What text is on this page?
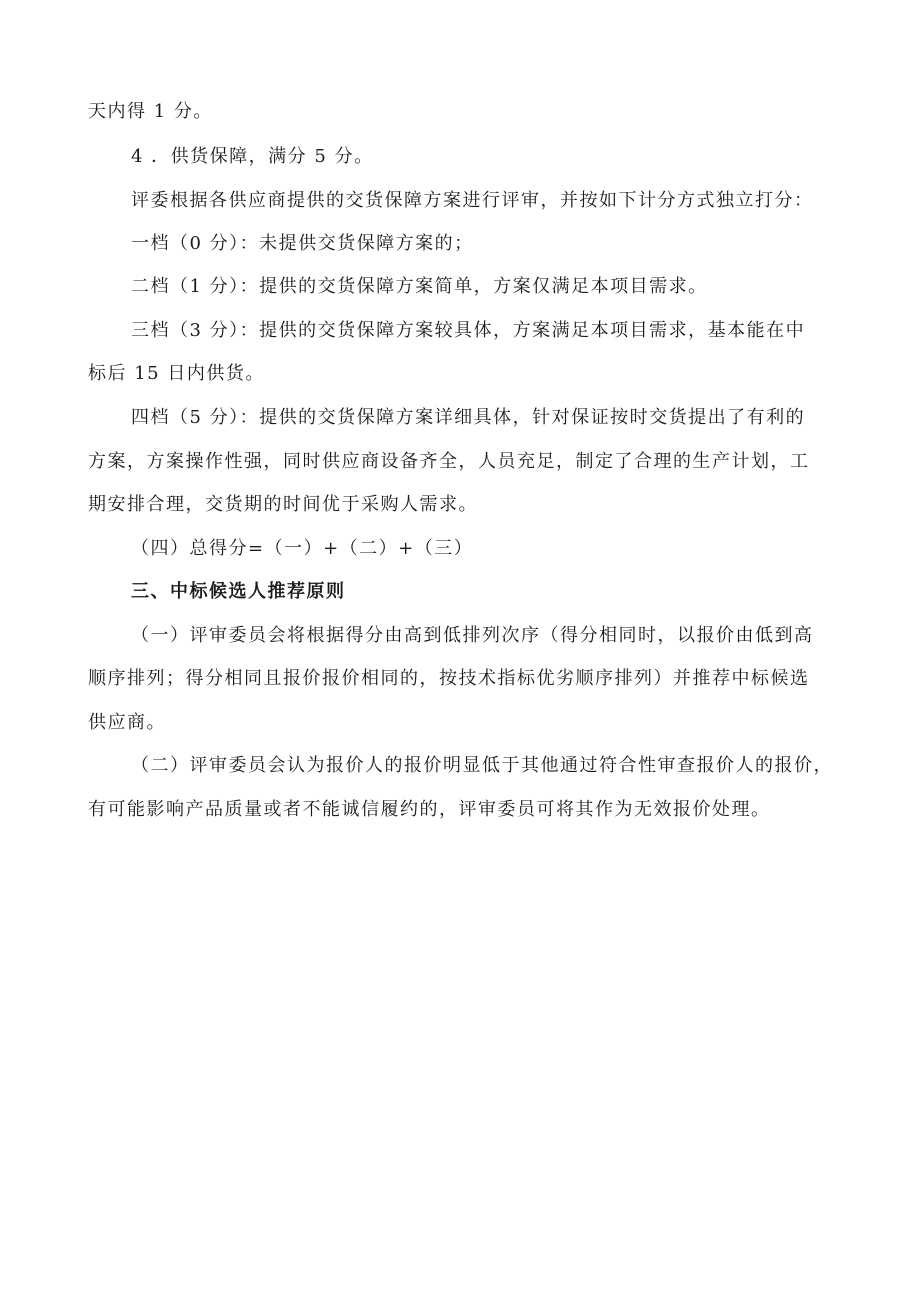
天内得 1 分。
4 ．供货保障，满分 5 分。
评委根据各供应商提供的交货保障方案进行评审，并按如下计分方式独立打分：
一档（0 分）：未提供交货保障方案的；
二档（1 分）：提供的交货保障方案简单，方案仅满足本项目需求。
三档（3 分）：提供的交货保障方案较具体，方案满足本项目需求，基本能在中
标后 15 日内供货。
四档（5 分）：提供的交货保障方案详细具体，针对保证按时交货提出了有利的
方案，方案操作性强，同时供应商设备齐全，人员充足，制定了合理的生产计划，工
期安排合理，交货期的时间优于采购人需求。
（四）总得分=（一）+（二）+（三）
三、中标候选人推荐原则
（一）评审委员会将根据得分由高到低排列次序（得分相同时，以报价由低到高
顺序排列；得分相同且报价报价相同的，按技术指标优劣顺序排列）并推荐中标候选
供应商。
（二）评审委员会认为报价人的报价明显低于其他通过符合性审查报价人的报价，
有可能影响产品质量或者不能诚信履约的，评审委员可将其作为无效报价处理。
